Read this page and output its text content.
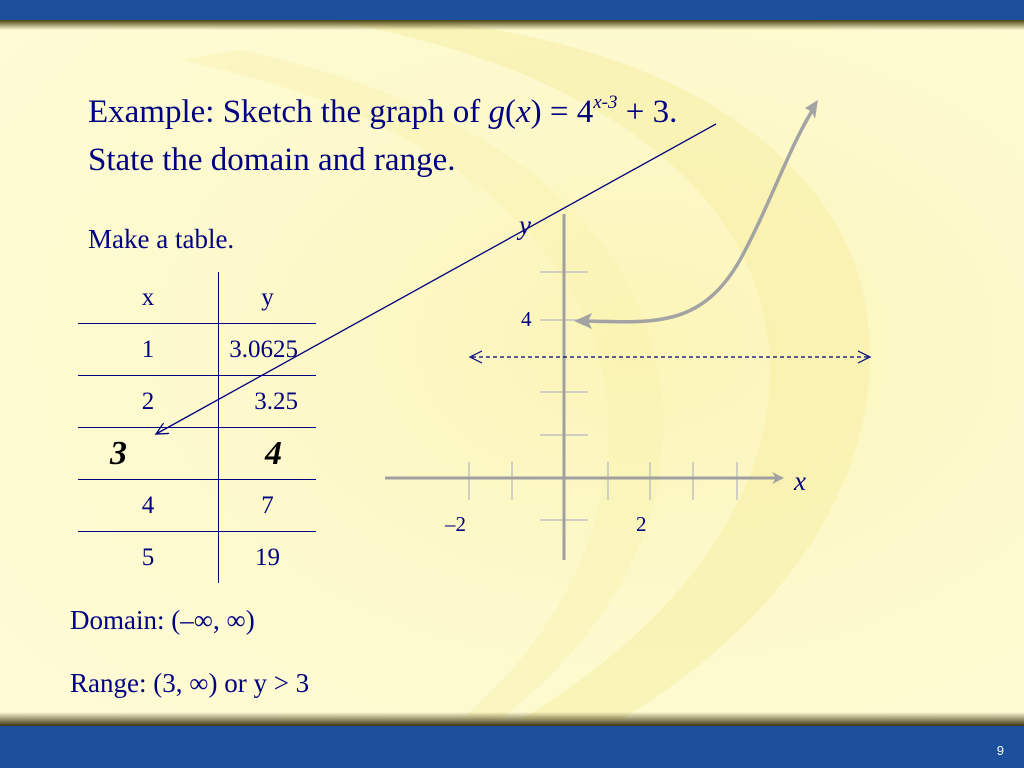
9
Example: Sketch the graph of $g(x) = 4^{x-3} + 3$.
State the domain and range.
Make a table.
x	y
1	3.0625
2	3.25
3	4
4	7
5	19
Domain: (–∞, ∞)
Range: (3, ∞) or y > 3
y
x
4
–2	2
